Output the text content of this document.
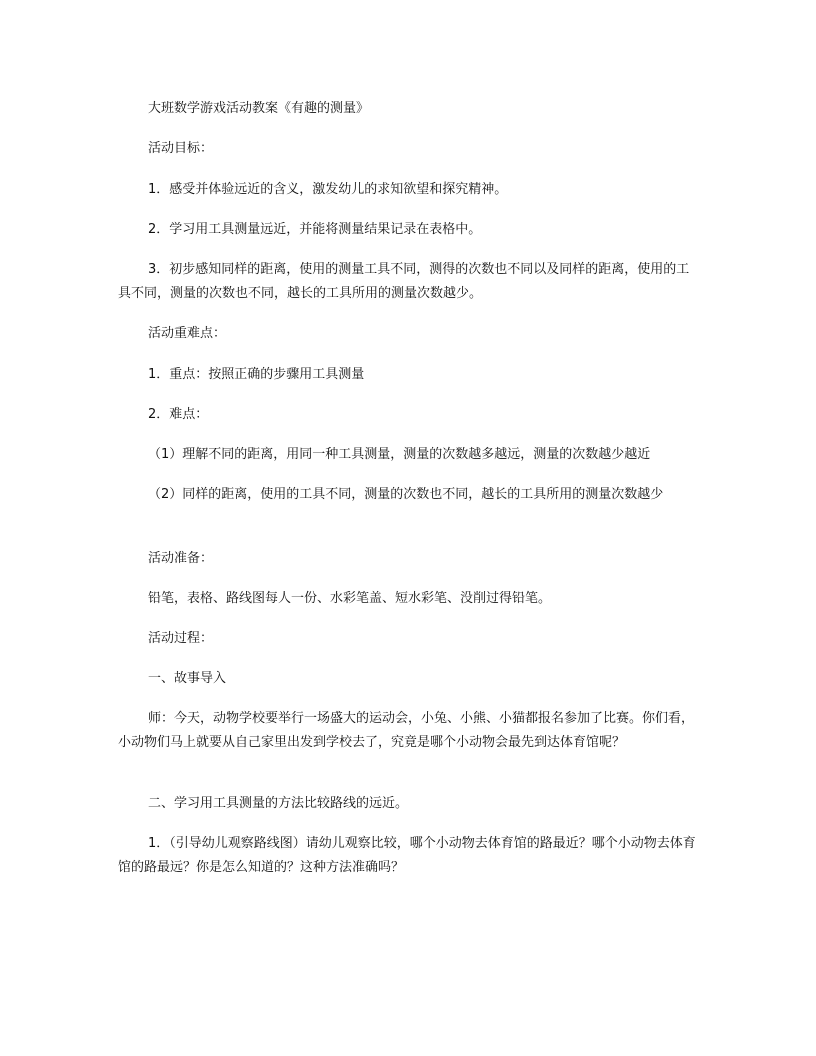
大班数学游戏活动教案《有趣的测量》

活动目标：

1．感受并体验远近的含义，激发幼儿的求知欲望和探究精神。

2．学习用工具测量远近，并能将测量结果记录在表格中。

3．初步感知同样的距离，使用的测量工具不同，测得的次数也不同以及同样的距离，使用的工具不同，测量的次数也不同，越长的工具所用的测量次数越少。

活动重难点：

1．重点：按照正确的步骤用工具测量

2．难点：

（1）理解不同的距离，用同一种工具测量，测量的次数越多越远，测量的次数越少越近

（2）同样的距离，使用的工具不同，测量的次数也不同，越长的工具所用的测量次数越少

活动准备：

铅笔，表格、路线图每人一份、水彩笔盖、短水彩笔、没削过得铅笔。

活动过程：

一、故事导入

师：今天，动物学校要举行一场盛大的运动会，小兔、小熊、小猫都报名参加了比赛。你们看，小动物们马上就要从自己家里出发到学校去了，究竟是哪个小动物会最先到达体育馆呢？

二、学习用工具测量的方法比较路线的远近。

1．（引导幼儿观察路线图）请幼儿观察比较，哪个小动物去体育馆的路最近？哪个小动物去体育馆的路最远？你是怎么知道的？这种方法准确吗？
